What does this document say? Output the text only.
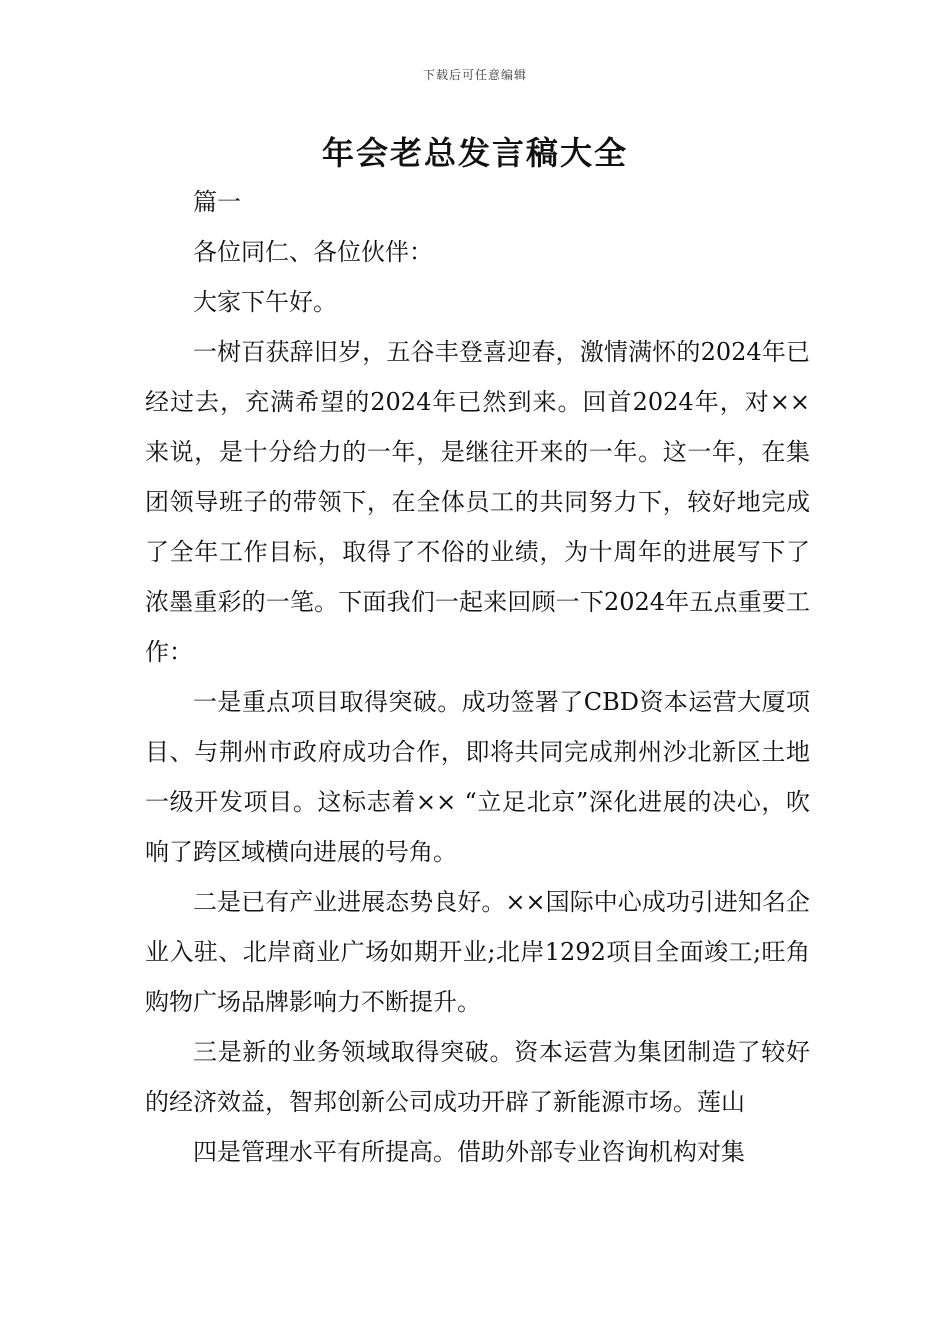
下载后可任意编辑
年会老总发言稿大全

篇一

各位同仁、各位伙伴：

大家下午好。

一树百获辞旧岁，五谷丰登喜迎春，激情满怀的2024年已经过去，充满希望的2024年已然到来。回首2024年，对××来说，是十分给力的一年，是继往开来的一年。这一年，在集团领导班子的带领下，在全体员工的共同努力下，较好地完成了全年工作目标，取得了不俗的业绩，为十周年的进展写下了浓墨重彩的一笔。下面我们一起来回顾一下2024年五点重要工作：

一是重点项目取得突破。成功签署了CBD资本运营大厦项目、与荆州市政府成功合作，即将共同完成荆州沙北新区土地一级开发项目。这标志着×× “立足北京”深化进展的决心，吹响了跨区域横向进展的号角。

二是已有产业进展态势良好。××国际中心成功引进知名企业入驻、北岸商业广场如期开业;北岸1292项目全面竣工;旺角购物广场品牌影响力不断提升。

三是新的业务领域取得突破。资本运营为集团制造了较好的经济效益，智邦创新公司成功开辟了新能源市场。莲山

四是管理水平有所提高。借助外部专业咨询机构对集
